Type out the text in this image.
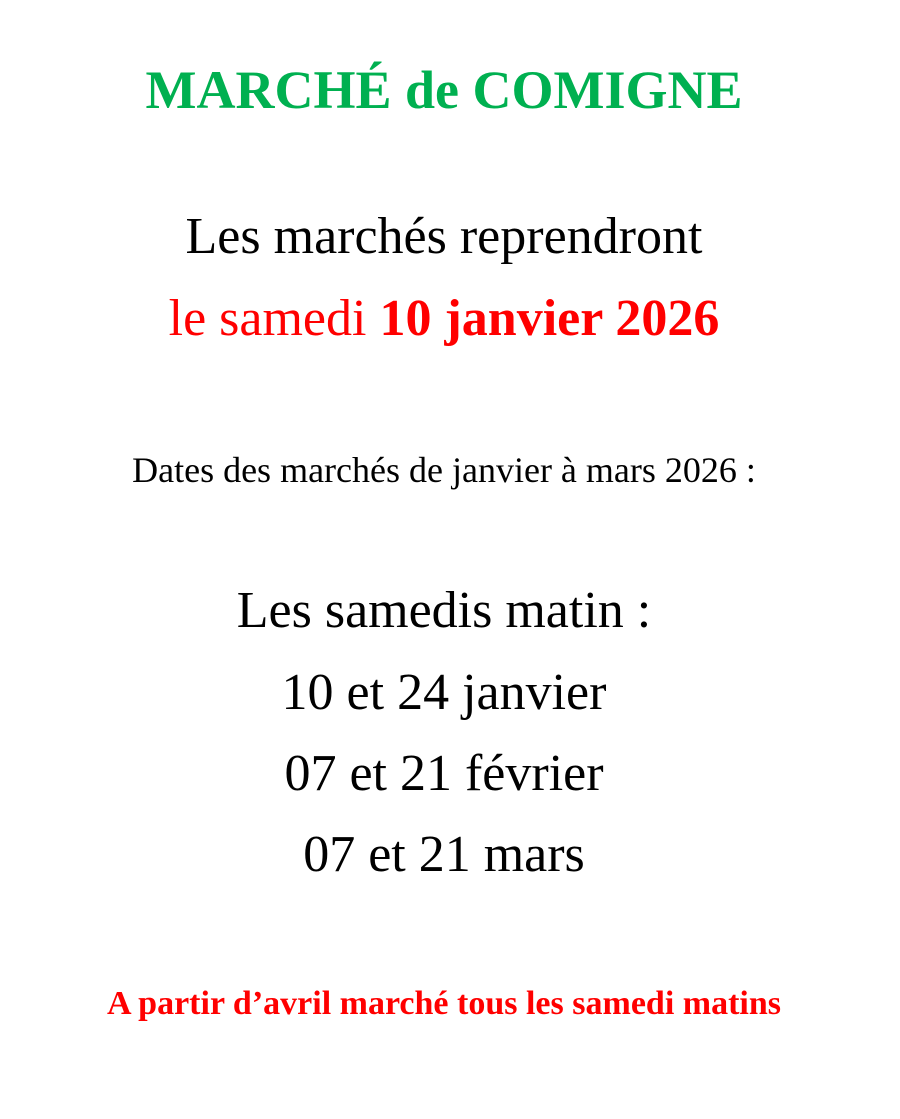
MARCHÉ de COMIGNE

Les marchés reprendront

le samedi 10 janvier 2026

Dates des marchés de janvier à mars 2026 :

Les samedis matin :

10 et 24 janvier

07 et 21 février

07 et 21 mars

A partir d’avril marché tous les samedi matins
